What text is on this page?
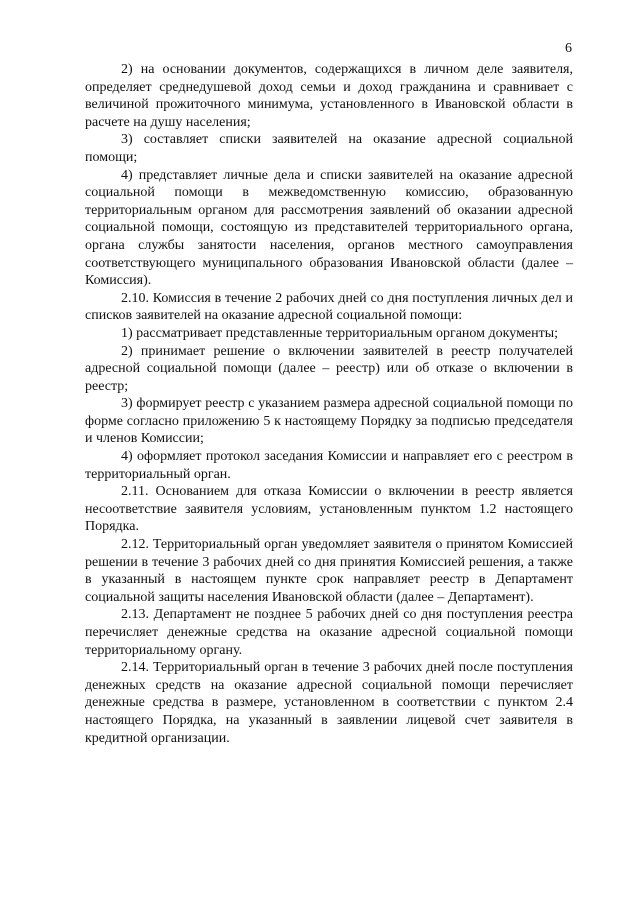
6

2) на основании документов, содержащихся в личном деле заявителя, определяет среднедушевой доход семьи и доход гражданина и сравнивает с величиной прожиточного минимума, установленного в Ивановской области в расчете на душу населения;

3) составляет списки заявителей на оказание адресной социальной помощи;

4) представляет личные дела и списки заявителей на оказание адресной социальной помощи в межведомственную комиссию, образованную территориальным органом для рассмотрения заявлений об оказании адресной социальной помощи, состоящую из представителей территориального органа, органа службы занятости населения, органов местного самоуправления соответствующего муниципального образования Ивановской области (далее – Комиссия).

2.10. Комиссия в течение 2 рабочих дней со дня поступления личных дел и списков заявителей на оказание адресной социальной помощи:

1) рассматривает представленные территориальным органом документы;

2) принимает решение о включении заявителей в реестр получателей адресной социальной помощи (далее – реестр) или об отказе о включении в реестр;

3) формирует реестр с указанием размера адресной социальной помощи по форме согласно приложению 5 к настоящему Порядку за подписью председателя и членов Комиссии;

4) оформляет протокол заседания Комиссии и направляет его с реестром в территориальный орган.

2.11. Основанием для отказа Комиссии о включении в реестр является несоответствие заявителя условиям, установленным пунктом 1.2 настоящего Порядка.

2.12. Территориальный орган уведомляет заявителя о принятом Комиссией решении в течение 3 рабочих дней со дня принятия Комиссией решения, а также в указанный в настоящем пункте срок направляет реестр в Департамент социальной защиты населения Ивановской области (далее – Департамент).

2.13. Департамент не позднее 5 рабочих дней со дня поступления реестра перечисляет денежные средства на оказание адресной социальной помощи территориальному органу.

2.14. Территориальный орган в течение 3 рабочих дней после поступления денежных средств на оказание адресной социальной помощи перечисляет денежные средства в размере, установленном в соответствии с пунктом 2.4 настоящего Порядка, на указанный в заявлении лицевой счет заявителя в кредитной организации.
